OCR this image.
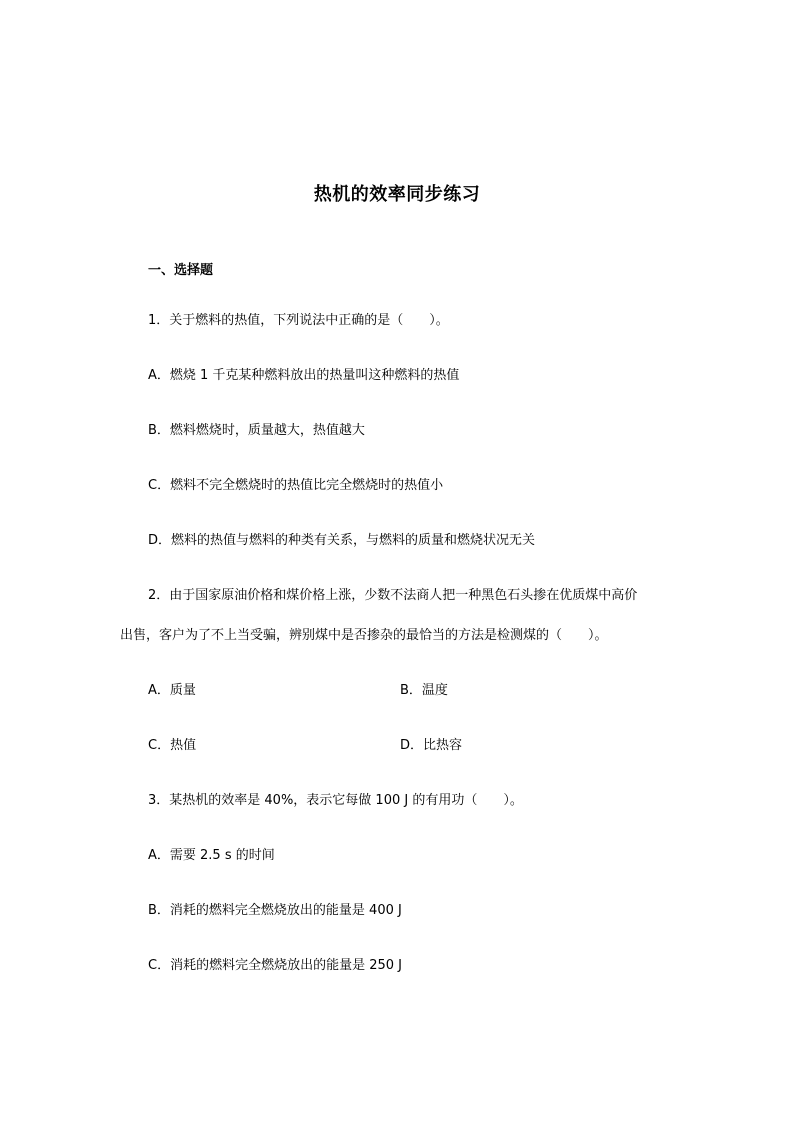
热机的效率同步练习
一、选择题
1．关于燃料的热值，下列说法中正确的是（　　）。
A．燃烧 1 千克某种燃料放出的热量叫这种燃料的热值
B．燃料燃烧时，质量越大，热值越大
C．燃料不完全燃烧时的热值比完全燃烧时的热值小
D．燃料的热值与燃料的种类有关系，与燃料的质量和燃烧状况无关
2．由于国家原油价格和煤价格上涨，少数不法商人把一种黑色石头掺在优质煤中高价
出售，客户为了不上当受骗，辨别煤中是否掺杂的最恰当的方法是检测煤的（　　）。
A．质量	B．温度
C．热值	D．比热容
3．某热机的效率是 40%，表示它每做 100 J 的有用功（　　）。
A．需要 2.5 s 的时间
B．消耗的燃料完全燃烧放出的能量是 400 J
C．消耗的燃料完全燃烧放出的能量是 250 J
